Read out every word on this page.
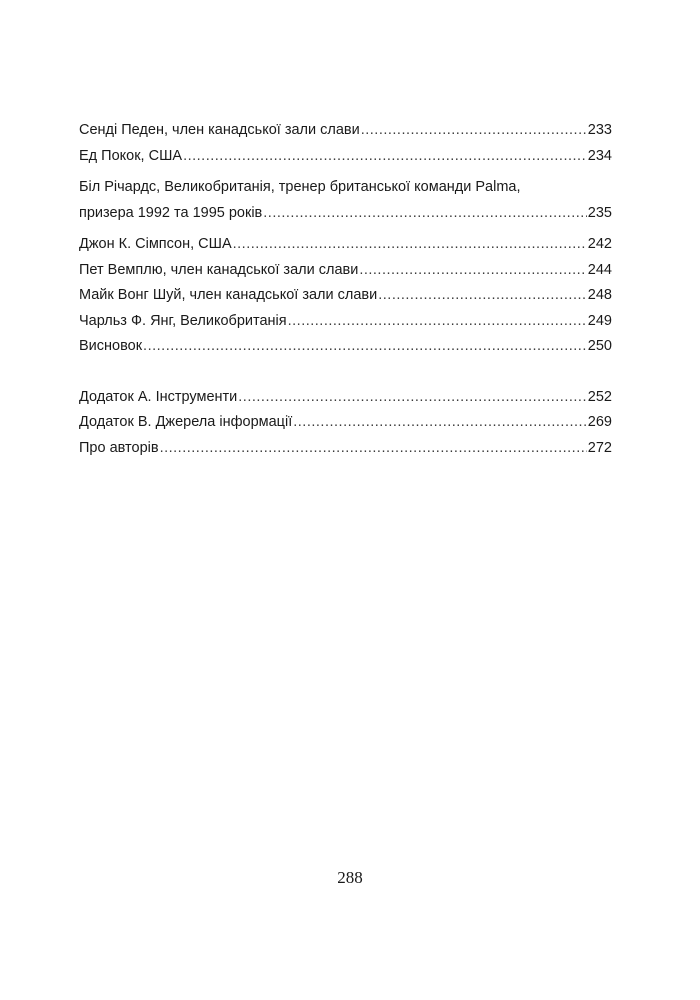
Сенді Педен, член канадської зали слави .....	233
Ед Покок, США .....	234
Біл Річардс, Великобританія, тренер британської команди Palma,
призера 1992 та 1995 років .....	235
Джон К. Сімпсон, США .....	242
Пет Вемплю, член канадської зали слави .....	244
Майк Вонг Шуй, член канадської зали слави .....	248
Чарльз Ф. Янг, Великобританія .....	249
Висновок .....	250
Додаток А. Інструменти .....	252
Додаток В. Джерела інформації .....	269
Про авторів .....	272
288
